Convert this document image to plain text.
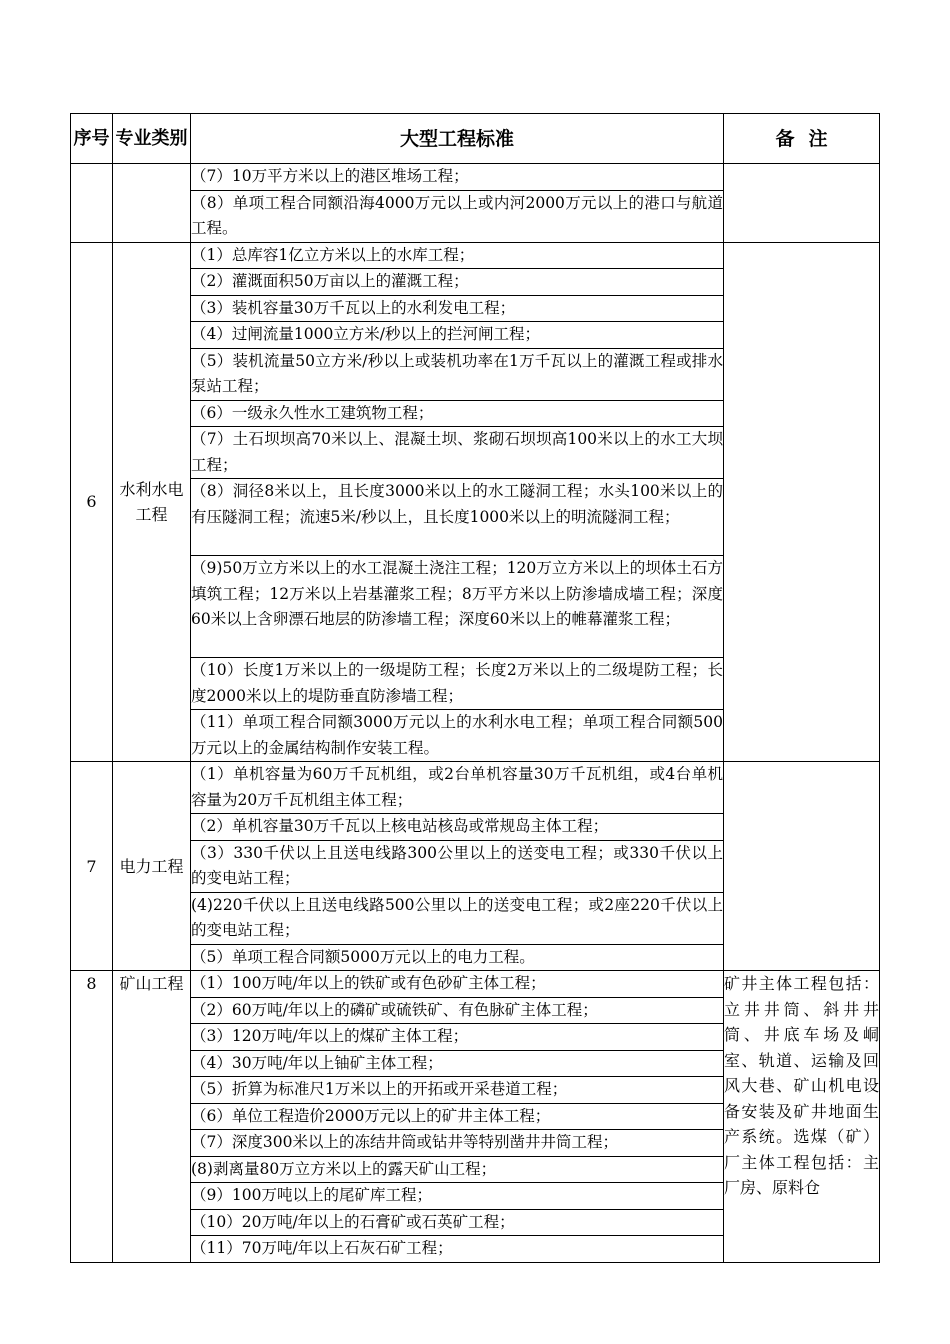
序号	专业类别	大型工程标准	备注
		（7）10万平方米以上的港区堆场工程；	
		（8）单项工程合同额沿海4000万元以上或内河2000万元以上的港口与航道工程。	
6	水利水电工程	（1）总库容1亿立方米以上的水库工程；	
		（2）灌溉面积50万亩以上的灌溉工程；	
		（3）装机容量30万千瓦以上的水利发电工程；	
		（4）过闸流量1000立方米/秒以上的拦河闸工程；	
		（5）装机流量50立方米/秒以上或装机功率在1万千瓦以上的灌溉工程或排水泵站工程；	
		（6）一级永久性水工建筑物工程；	
		（7）土石坝坝高70米以上、混凝土坝、浆砌石坝坝高100米以上的水工大坝工程；	
		（8）洞径8米以上，且长度3000米以上的水工隧洞工程；水头100米以上的有压隧洞工程；流速5米/秒以上，且长度1000米以上的明流隧洞工程；	
		（9)50万立方米以上的水工混凝土浇注工程；120万立方米以上的坝体土石方填筑工程；12万米以上岩基灌浆工程；8万平方米以上防渗墙成墙工程；深度60米以上含卵漂石地层的防渗墙工程；深度60米以上的帷幕灌浆工程；	
		（10）长度1万米以上的一级堤防工程；长度2万米以上的二级堤防工程；长度2000米以上的堤防垂直防渗墙工程；	
		（11）单项工程合同额3000万元以上的水利水电工程；单项工程合同额500万元以上的金属结构制作安装工程。	
7	电力工程	（1）单机容量为60万千瓦机组，或2台单机容量30万千瓦机组，或4台单机容量为20万千瓦机组主体工程；	
		（2）单机容量30万千瓦以上核电站核岛或常规岛主体工程；	
		（3）330千伏以上且送电线路300公里以上的送变电工程；或330千伏以上的变电站工程；	
		(4)220千伏以上且送电线路500公里以上的送变电工程；或2座220千伏以上的变电站工程；	
		（5）单项工程合同额5000万元以上的电力工程。	
8	矿山工程	（1）100万吨/年以上的铁矿或有色砂矿主体工程；	矿井主体工程包括：立井井筒、斜井井筒、井底车场及峒室、轨道、运输及回风大巷、矿山机电设备安装及矿井地面生产系统。选煤（矿）厂主体工程包括：主厂房、原料仓
		（2）60万吨/年以上的磷矿或硫铁矿、有色脉矿主体工程；	
		（3）120万吨/年以上的煤矿主体工程；	
		（4）30万吨/年以上铀矿主体工程；	
		（5）折算为标准尺1万米以上的开拓或开采巷道工程；	
		（6）单位工程造价2000万元以上的矿井主体工程；	
		（7）深度300米以上的冻结井筒或钻井等特别凿井井筒工程；	
		(8)剥离量80万立方米以上的露天矿山工程；	
		（9）100万吨以上的尾矿库工程；	
		（10）20万吨/年以上的石膏矿或石英矿工程；	
		（11）70万吨/年以上石灰石矿工程；	
